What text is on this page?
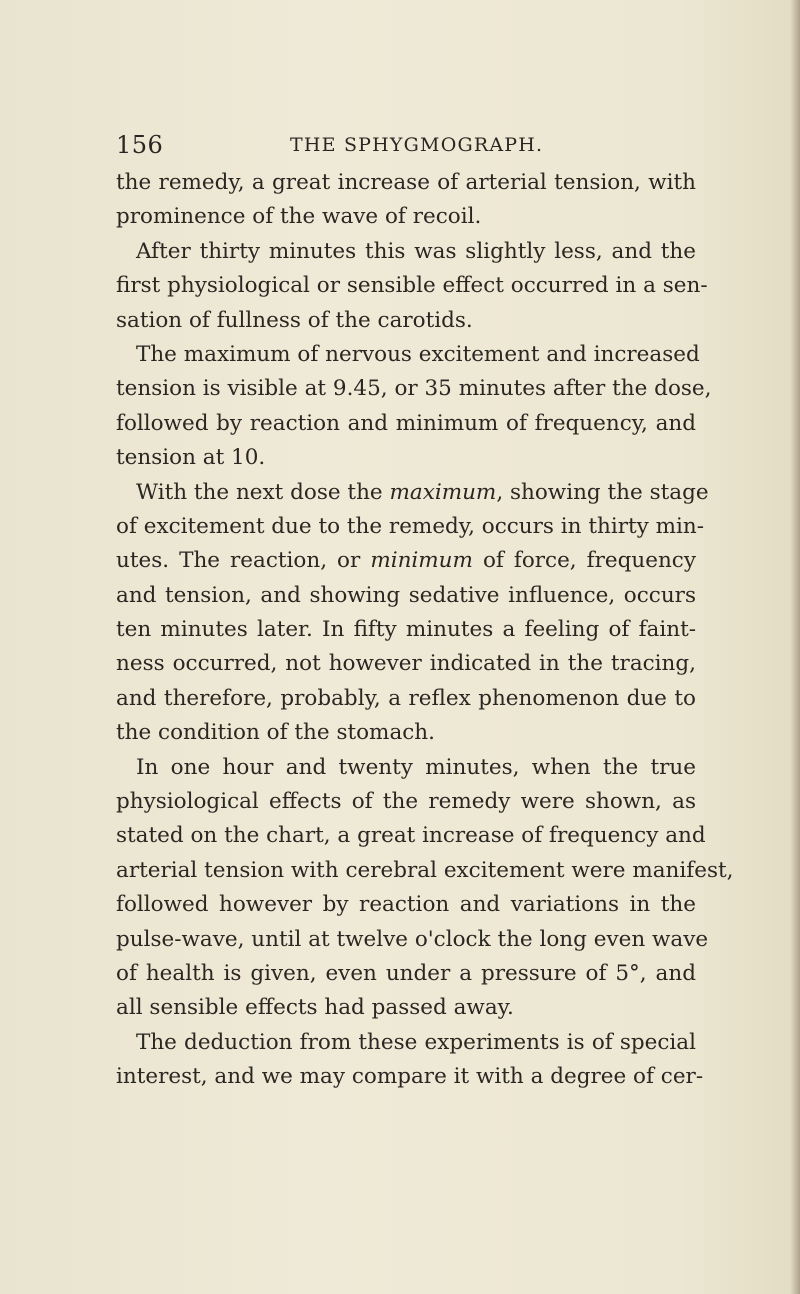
156	THE SPHYGMOGRAPH.
the remedy, a great increase of arterial tension, with
prominence of the wave of recoil.
After thirty minutes this was slightly less, and the
first physiological or sensible effect occurred in a sen-
sation of fullness of the carotids.
The maximum of nervous excitement and increased
tension is visible at 9.45, or 35 minutes after the dose,
followed by reaction and minimum of frequency, and
tension at 10.
With the next dose the maximum, showing the stage
of excitement due to the remedy, occurs in thirty min-
utes. The reaction, or minimum of force, frequency
and tension, and showing sedative influence, occurs
ten minutes later. In fifty minutes a feeling of faint-
ness occurred, not however indicated in the tracing,
and therefore, probably, a reflex phenomenon due to
the condition of the stomach.
In one hour and twenty minutes, when the true
physiological effects of the remedy were shown, as
stated on the chart, a great increase of frequency and
arterial tension with cerebral excitement were manifest,
followed however by reaction and variations in the
pulse-wave, until at twelve o'clock the long even wave
of health is given, even under a pressure of 5°, and
all sensible effects had passed away.
The deduction from these experiments is of special
interest, and we may compare it with a degree of cer-
